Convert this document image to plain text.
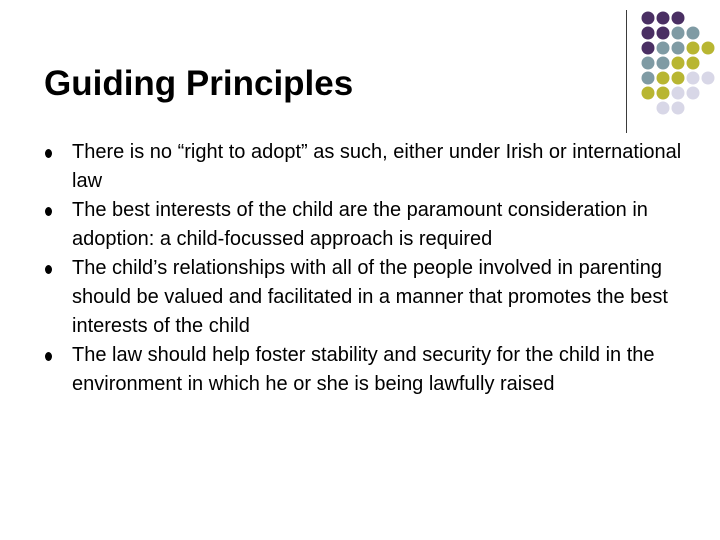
Guiding Principles
There is no “right to adopt” as such, either under Irish or international law
The best interests of the child are the paramount consideration in adoption: a child-focussed approach is required
The child’s relationships with all of the people involved in parenting should be valued and facilitated in a manner that promotes the best interests of the child
The law should help foster stability and security for the child in the environment in which he or she is being lawfully raised
